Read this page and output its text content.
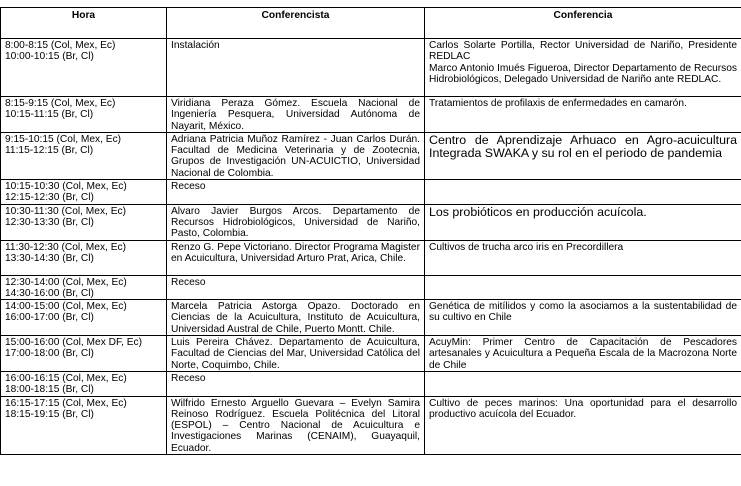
Hora	Conferencista	Conferencia

8:00-8:15 (Col, Mex, Ec)
10:00-10:15 (Br, Cl)	Instalación	Carlos Solarte Portilla, Rector Universidad de Nariño, Presidente REDLAC
Marco Antonio Imués Figueroa, Director Departamento de Recursos Hidrobiológicos, Delegado Universidad de Nariño ante REDLAC.

8:15-9:15 (Col, Mex, Ec)
10:15-11:15 (Br, Cl)	Viridiana Peraza Gómez. Escuela Nacional de Ingeniería Pesquera, Universidad Autónoma de Nayarit, México.	Tratamientos de profilaxis de enfermedades en camarón.

9:15-10:15 (Col, Mex, Ec)
11:15-12:15 (Br, Cl)	Adriana Patricia Muñoz Ramírez - Juan Carlos Durán. Facultad de Medicina Veterinaria y de Zootecnia, Grupos de Investigación UN-ACUICTIO, Universidad Nacional de Colombia.	Centro de Aprendizaje Arhuaco en Agro-acuicultura Integrada SWAKA y su rol en el periodo de pandemia

10:15-10:30 (Col, Mex, Ec)
12:15-12:30 (Br, Cl)	Receso	

10:30-11:30 (Col, Mex, Ec)
12:30-13:30 (Br, Cl)	Alvaro Javier Burgos Arcos. Departamento de Recursos Hidrobiológicos, Universidad de Nariño, Pasto, Colombia.	Los probióticos en producción acuícola.

11:30-12:30 (Col, Mex, Ec)
13:30-14:30 (Br, Cl)	Renzo G. Pepe Victoriano. Director Programa Magister en Acuicultura, Universidad Arturo Prat, Arica, Chile.	Cultivos de trucha arco iris en Precordillera

12:30-14:00 (Col, Mex, Ec)
14:30-16:00 (Br, Cl)	Receso	

14:00-15:00 (Col, Mex, Ec)
16:00-17:00 (Br, Cl)	Marcela Patricia Astorga Opazo. Doctorado en Ciencias de la Acuicultura, Instituto de Acuicultura, Universidad Austral de Chile, Puerto Montt. Chile.	Genética de mitílidos y como la asociamos a la sustentabilidad de su cultivo en Chile

15:00-16:00 (Col, Mex DF, Ec)
17:00-18:00 (Br, Cl)	Luis Pereira Chávez. Departamento de Acuicultura, Facultad de Ciencias del Mar, Universidad Católica del Norte, Coquimbo, Chile.	AcuyMin: Primer Centro de Capacitación de Pescadores artesanales y Acuicultura a Pequeña Escala de la Macrozona Norte de Chile

16:00-16:15 (Col, Mex, Ec)
18:00-18:15 (Br, Cl)	Receso	

16:15-17:15 (Col, Mex, Ec)
18:15-19:15 (Br, Cl)	Wilfrido Ernesto Arguello Guevara – Evelyn Samira Reinoso Rodríguez. Escuela Politécnica del Litoral (ESPOL) – Centro Nacional de Acuicultura e Investigaciones Marinas (CENAIM), Guayaquil, Ecuador.	Cultivo de peces marinos: Una oportunidad para el desarrollo productivo acuícola del Ecuador.
